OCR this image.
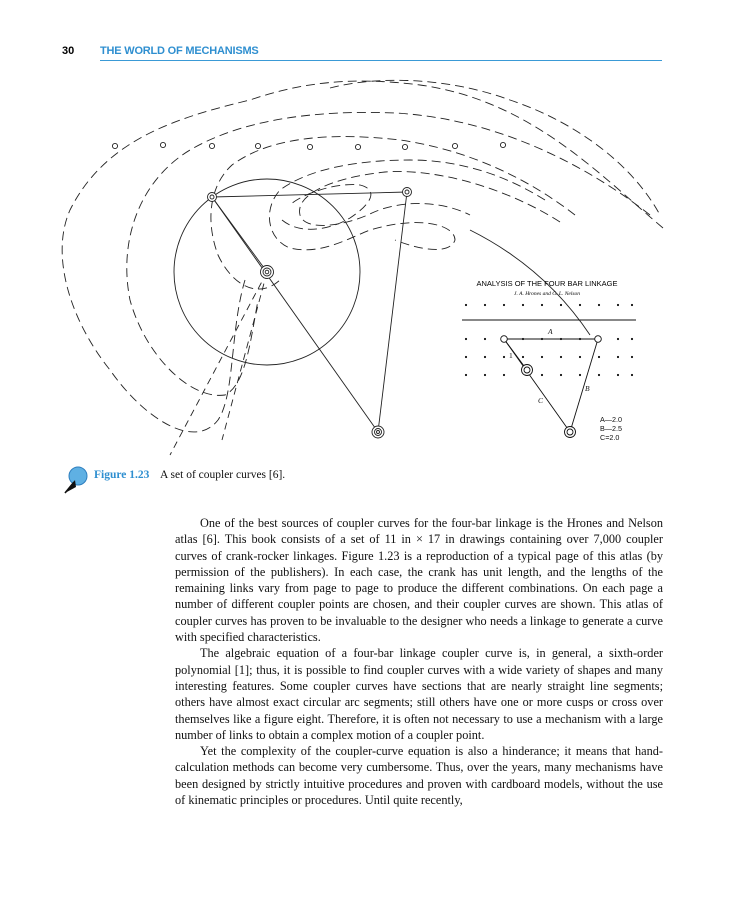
30 THE WORLD OF MECHANISMS
ANALYSIS OF THE FOUR BAR LINKAGE
J. A. Hrones and G. L. Nelson
A
B
C
1
A—2.0
B—2.5
C=2.0
Figure 1.23 A set of coupler curves [6].

One of the best sources of coupler curves for the four-bar linkage is the Hrones and Nelson atlas [6]. This book consists of a set of 11 in × 17 in drawings containing over 7,000 coupler curves of crank-rocker linkages. Figure 1.23 is a reproduction of a typical page of this atlas (by permission of the publishers). In each case, the crank has unit length, and the lengths of the remaining links vary from page to page to produce the different combinations. On each page a number of different coupler points are chosen, and their coupler curves are shown. This atlas of coupler curves has proven to be invaluable to the designer who needs a linkage to generate a curve with specified characteristics.

The algebraic equation of a four-bar linkage coupler curve is, in general, a sixth-order polynomial [1]; thus, it is possible to find coupler curves with a wide variety of shapes and many interesting features. Some coupler curves have sections that are nearly straight line segments; others have almost exact circular arc segments; still others have one or more cusps or cross over themselves like a figure eight. Therefore, it is often not necessary to use a mechanism with a large number of links to obtain a complex motion of a coupler point.

Yet the complexity of the coupler-curve equation is also a hinderance; it means that hand-calculation methods can become very cumbersome. Thus, over the years, many mechanisms have been designed by strictly intuitive procedures and proven with cardboard models, without the use of kinematic principles or procedures. Until quite recently,
